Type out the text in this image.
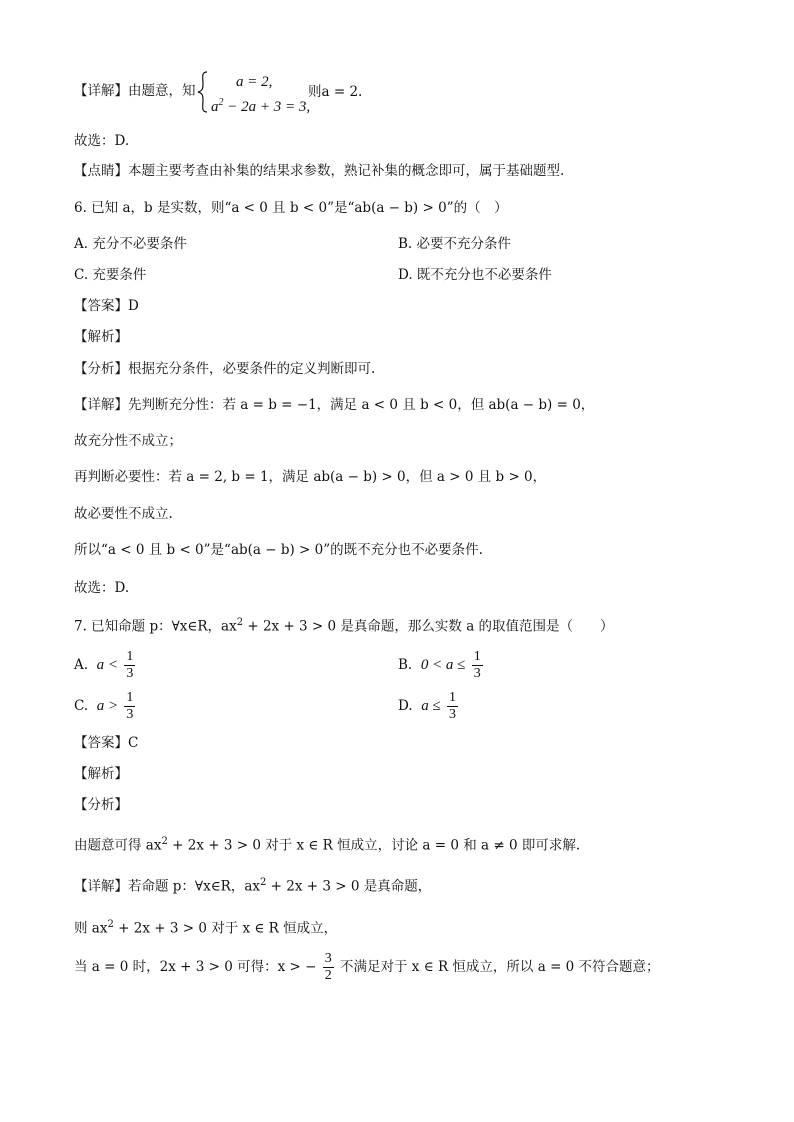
【详解】由题意，知
a = 2,
$a^2 - 2a + 3 = 3$,
则a = 2.
故选：D.
【点睛】本题主要考查由补集的结果求参数，熟记补集的概念即可，属于基础题型.
6. 已知 a，b 是实数，则“a < 0 且 b < 0”是“ab(a − b) > 0”的（　）
A. 充分不必要条件	B. 必要不充分条件
C. 充要条件	D. 既不充分也不必要条件
【答案】D
【解析】
【分析】根据充分条件，必要条件的定义判断即可.
【详解】先判断充分性：若 a = b = −1，满足 a < 0 且 b < 0，但 ab(a − b) = 0，
故充分性不成立；
再判断必要性：若 a = 2, b = 1，满足 ab(a − b) > 0，但 a > 0 且 b > 0，
故必要性不成立.
所以“a < 0 且 b < 0”是“ab(a − b) > 0”的既不充分也不必要条件.
故选：D.
7. 已知命题 p：∀x∈R，$ax^2 + 2x + 3 > 0$ 是真命题，那么实数 a 的取值范围是（　　）
A. $a < \frac{1}{3}$	B. $0 < a \le \frac{1}{3}$
C. $a > \frac{1}{3}$	D. $a \le \frac{1}{3}$
【答案】C
【解析】
【分析】
由题意可得 $ax^2 + 2x + 3 > 0$ 对于 x ∈ R 恒成立，讨论 a = 0 和 a ≠ 0 即可求解.
【详解】若命题 p：∀x∈R，$ax^2 + 2x + 3 > 0$ 是真命题，
则 $ax^2 + 2x + 3 > 0$ 对于 x ∈ R 恒成立，
当 a = 0 时，2x + 3 > 0 可得：x > − $\frac{3}{2}$ 不满足对于 x ∈ R 恒成立，所以 a = 0 不符合题意；
